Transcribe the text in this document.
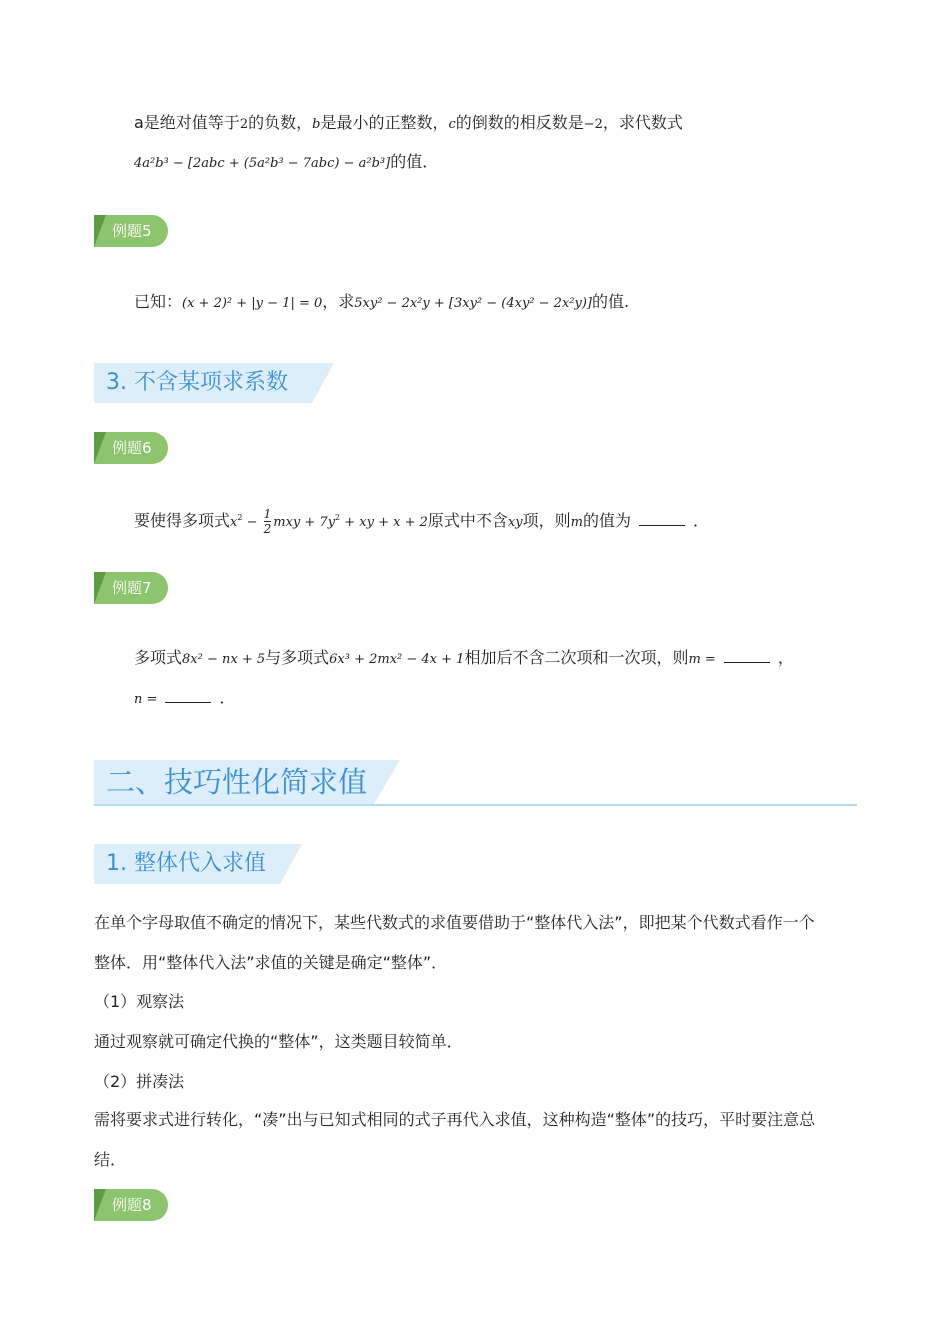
a是绝对值等于2的负数，b是最小的正整数，c的倒数的相反数是−2，求代数式
4a²b³ − [2abc + (5a²b³ − 7abc) − a²b³]的值．
例题5
已知：(x + 2)² + |y − 1| = 0，求5xy² − 2x²y + [3xy² − (4xy² − 2x²y)]的值.
3. 不含某项求系数
例题6
要使得多项式$x^2 - \frac{1}{2}$ mxy + $7y^2$ + xy + x + 2原式中不含xy项，则m的值为	．
例题7
多项式8x² − nx + 5与多项式6x³ + 2mx² − 4x + 1相加后不含二次项和一次项，则m =	，
n =	．
二、技巧性化简求值
1. 整体代入求值
在单个字母取值不确定的情况下，某些代数式的求值要借助于“整体代入法”，即把某个代数式看作一个
整体．用“整体代入法”求值的关键是确定“整体”．
（1）观察法
通过观察就可确定代换的“整体”，这类题目较简单．
（2）拼凑法
需将要求式进行转化，“凑”出与已知式相同的式子再代入求值，这种构造“整体”的技巧，平时要注意总
结．
例题8
